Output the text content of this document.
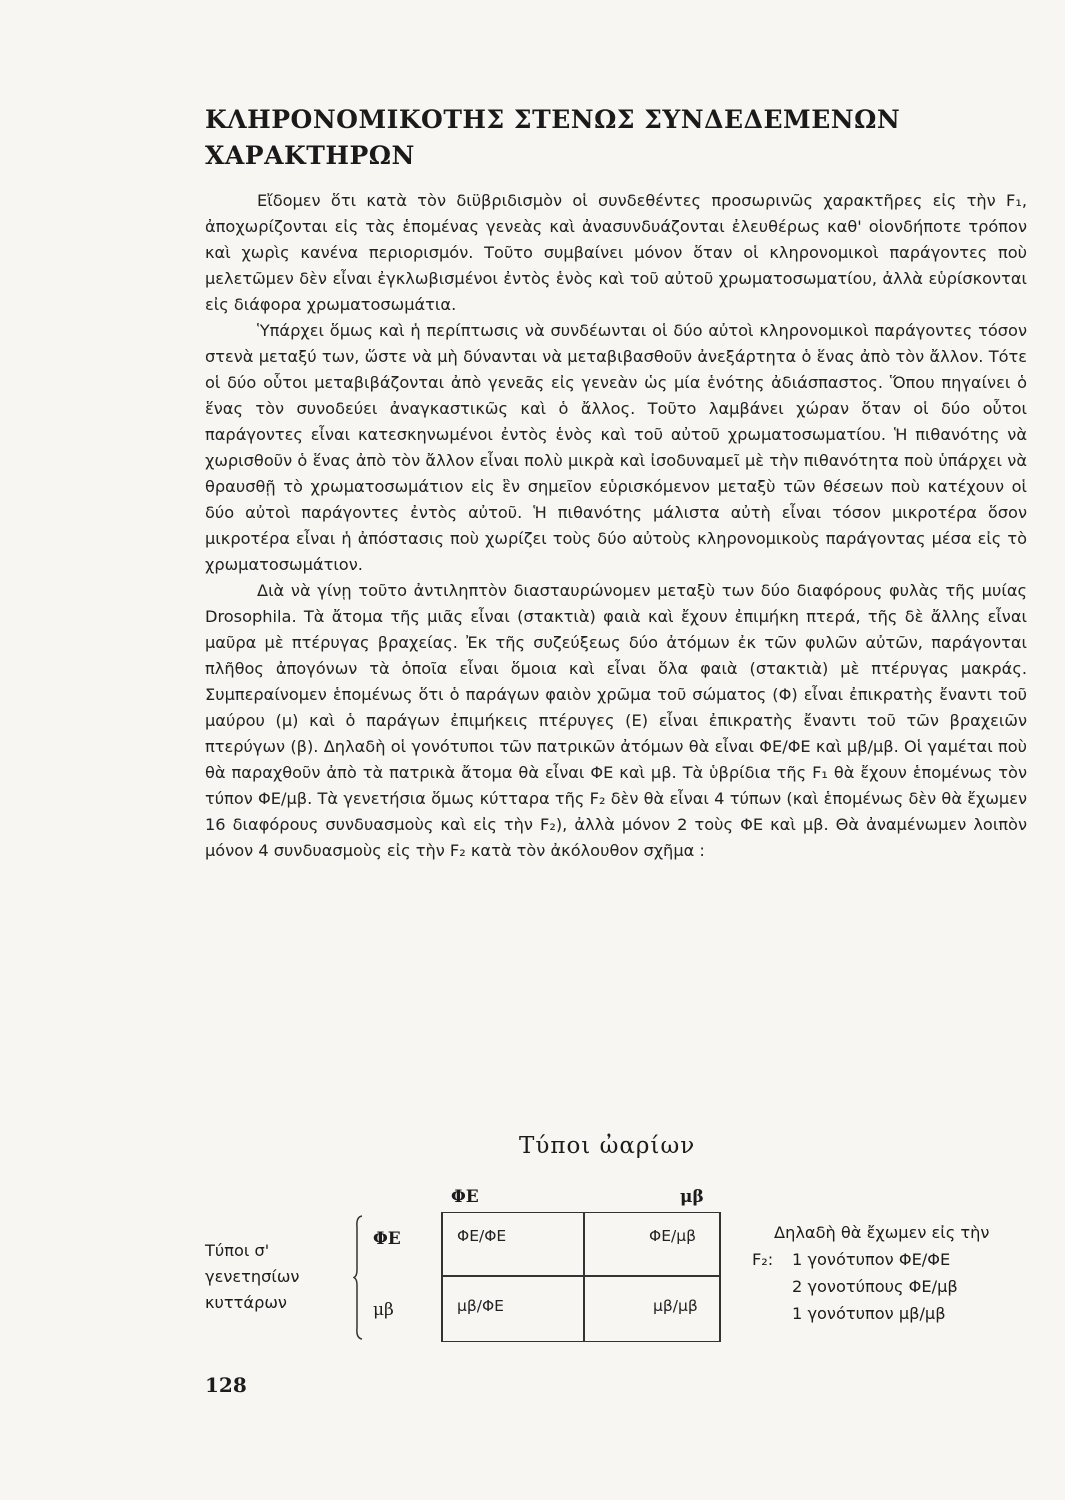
ΚΛΗΡΟΝΟΜΙΚΟΤΗΣ ΣΤΕΝΩΣ ΣΥΝΔΕΔΕΜΕΝΩΝ ΧΑΡΑΚΤΗΡΩΝ

Εἴδομεν ὅτι κατὰ τὸν διϋβριδισμὸν οἱ συνδεθέντες προσωρινῶς χαρακτῆρες εἰς τὴν F₁, ἀποχωρίζονται εἰς τὰς ἑπομένας γενεὰς καὶ ἀνασυνδυάζονται ἐλευθέρως καθ' οἱονδήποτε τρόπον καὶ χωρὶς κανένα περιορισμόν. Τοῦτο συμβαίνει μόνον ὅταν οἱ κληρονομικοὶ παράγοντες ποὺ μελετῶμεν δὲν εἶναι ἐγκλωβισμένοι ἐντὸς ἑνὸς καὶ τοῦ αὐτοῦ χρωματοσωματίου, ἀλλὰ εὑρίσκονται εἰς διάφορα χρωματοσωμάτια.

Ὑπάρχει ὅμως καὶ ἡ περίπτωσις νὰ συνδέωνται οἱ δύο αὐτοὶ κληρονομικοὶ παράγοντες τόσον στενὰ μεταξύ των, ὥστε νὰ μὴ δύνανται νὰ μεταβιβασθοῦν ἀνεξάρτητα ὁ ἕνας ἀπὸ τὸν ἄλλον. Τότε οἱ δύο οὗτοι μεταβιβάζονται ἀπὸ γενεᾶς εἰς γενεὰν ὡς μία ἑνότης ἀδιάσπαστος. Ὅπου πηγαίνει ὁ ἕνας τὸν συνοδεύει ἀναγκαστικῶς καὶ ὁ ἄλλος. Τοῦτο λαμβάνει χώραν ὅταν οἱ δύο οὗτοι παράγοντες εἶναι κατεσκηνωμένοι ἐντὸς ἑνὸς καὶ τοῦ αὐτοῦ χρωματοσωματίου. Ἡ πιθανότης νὰ χωρισθοῦν ὁ ἕνας ἀπὸ τὸν ἄλλον εἶναι πολὺ μικρὰ καὶ ἰσοδυναμεῖ μὲ τὴν πιθανότητα ποὺ ὑπάρχει νὰ θραυσθῇ τὸ χρωματοσωμάτιον εἰς ἓν σημεῖον εὑρισκόμενον μεταξὺ τῶν θέσεων ποὺ κατέχουν οἱ δύο αὐτοὶ παράγοντες ἐντὸς αὐτοῦ. Ἡ πιθανότης μάλιστα αὐτὴ εἶναι τόσον μικροτέρα ὅσον μικροτέρα εἶναι ἡ ἀπόστασις ποὺ χωρίζει τοὺς δύο αὐτοὺς κληρονομικοὺς παράγοντας μέσα εἰς τὸ χρωματοσωμάτιον.

Διὰ νὰ γίνῃ τοῦτο ἀντιληπτὸν διασταυρώνομεν μεταξὺ των δύο διαφόρους φυλὰς τῆς μυίας Drosophila. Τὰ ἄτομα τῆς μιᾶς εἶναι (στακτιὰ) φαιὰ καὶ ἔχουν ἐπιμήκη πτερά, τῆς δὲ ἄλλης εἶναι μαῦρα μὲ πτέρυγας βραχείας. Ἐκ τῆς συζεύξεως δύο ἀτόμων ἐκ τῶν φυλῶν αὐτῶν, παράγονται πλῆθος ἀπογόνων τὰ ὁποῖα εἶναι ὅμοια καὶ εἶναι ὅλα φαιὰ (στακτιὰ) μὲ πτέρυγας μακράς. Συμπεραίνομεν ἑπομένως ὅτι ὁ παράγων φαιὸν χρῶμα τοῦ σώματος (Φ) εἶναι ἐπικρατὴς ἔναντι τοῦ μαύρου (μ) καὶ ὁ παράγων ἐπιμήκεις πτέρυγες (Ε) εἶναι ἐπικρατὴς ἔναντι τοῦ τῶν βραχειῶν πτερύγων (β). Δηλαδὴ οἱ γονότυποι τῶν πατρικῶν ἀτόμων θὰ εἶναι ΦΕ/ΦΕ καὶ μβ/μβ. Οἱ γαμέται ποὺ θὰ παραχθοῦν ἀπὸ τὰ πατρικὰ ἄτομα θὰ εἶναι ΦΕ καὶ μβ. Τὰ ὑβρίδια τῆς F₁ θὰ ἔχουν ἑπομένως τὸν τύπον ΦΕ/μβ. Τὰ γενετήσια ὅμως κύτταρα τῆς F₂ δὲν θὰ εἶναι 4 τύπων (καὶ ἑπομένως δὲν θὰ ἔχωμεν 16 διαφόρους συνδυασμοὺς καὶ εἰς τὴν F₂), ἀλλὰ μόνον 2 τοὺς ΦΕ καὶ μβ. Θὰ ἀναμένωμεν λοιπὸν μόνον 4 συνδυασμοὺς εἰς τὴν F₂ κατὰ τὸν ἀκόλουθον σχῆμα :

Τύποι ὠαρίων
ΦΕ	μβ
Τύποι σ'
γενετησίων
κυττάρων
ΦΕ
μβ
ΦΕ/ΦΕ	ΦΕ/μβ
μβ/ΦΕ	μβ/μβ
Δηλαδὴ θὰ ἔχωμεν εἰς τὴν
F₂: 1 γονότυπον ΦΕ/ΦΕ
2 γονοτύπους ΦΕ/μβ
1 γονότυπον μβ/μβ
128
